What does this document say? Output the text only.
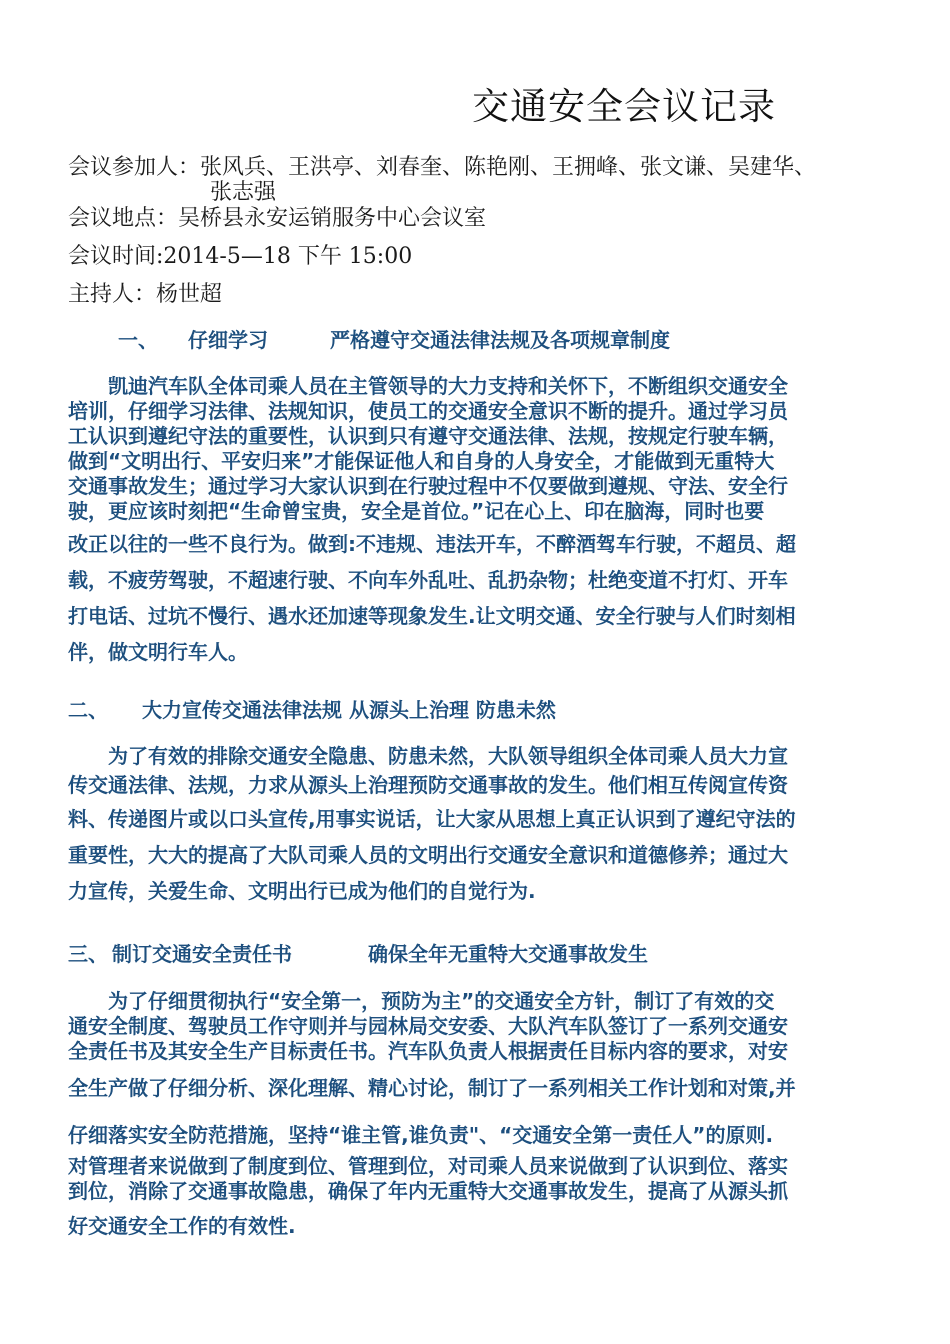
交通安全会议记录
会议参加人：张风兵、王洪亭、刘春奎、陈艳刚、王拥峰、张文谦、吴建华、
张志强
会议地点：吴桥县永安运销服务中心会议室
会议时间:2014-5—18 下午 15:00
主持人：杨世超
一、 仔细学习	严格遵守交通法律法规及各项规章制度
　　凯迪汽车队全体司乘人员在主管领导的大力支持和关怀下，不断组织交通安全
培训，仔细学习法律、法规知识，使员工的交通安全意识不断的提升。通过学习员
工认识到遵纪守法的重要性，认识到只有遵守交通法律、法规，按规定行驶车辆，
做到“文明出行、平安归来”才能保证他人和自身的人身安全，才能做到无重特大
交通事故发生；通过学习大家认识到在行驶过程中不仅要做到遵规、守法、安全行
驶，更应该时刻把“生命曾宝贵，安全是首位。”记在心上、印在脑海，同时也要
改正以往的一些不良行为。做到:不违规、违法开车，不醉酒驾车行驶，不超员、超
载，不疲劳驾驶，不超速行驶、不向车外乱吐、乱扔杂物；杜绝变道不打灯、开车
打电话、过坑不慢行、遇水还加速等现象发生.让文明交通、安全行驶与人们时刻相
伴，做文明行车人。
二、 大力宣传交通法律法规 从源头上治理 防患未然
　　为了有效的排除交通安全隐患、防患未然，大队领导组织全体司乘人员大力宣
传交通法律、法规，力求从源头上治理预防交通事故的发生。他们相互传阅宣传资
料、传递图片或以口头宣传,用事实说话，让大家从思想上真正认识到了遵纪守法的
重要性，大大的提高了大队司乘人员的文明出行交通安全意识和道德修养；通过大
力宣传，关爱生命、文明出行已成为他们的自觉行为.
三、 制订交通安全责任书	确保全年无重特大交通事故发生
　　为了仔细贯彻执行“安全第一，预防为主”的交通安全方针，制订了有效的交
通安全制度、驾驶员工作守则并与园林局交安委、大队汽车队签订了一系列交通安
全责任书及其安全生产目标责任书。汽车队负责人根据责任目标内容的要求，对安
全生产做了仔细分析、深化理解、精心讨论，制订了一系列相关工作计划和对策,并
仔细落实安全防范措施，坚持“谁主管,谁负责"、“交通安全第一责任人”的原则.
对管理者来说做到了制度到位、管理到位，对司乘人员来说做到了认识到位、落实
到位，消除了交通事故隐患，确保了年内无重特大交通事故发生，提高了从源头抓
好交通安全工作的有效性.
